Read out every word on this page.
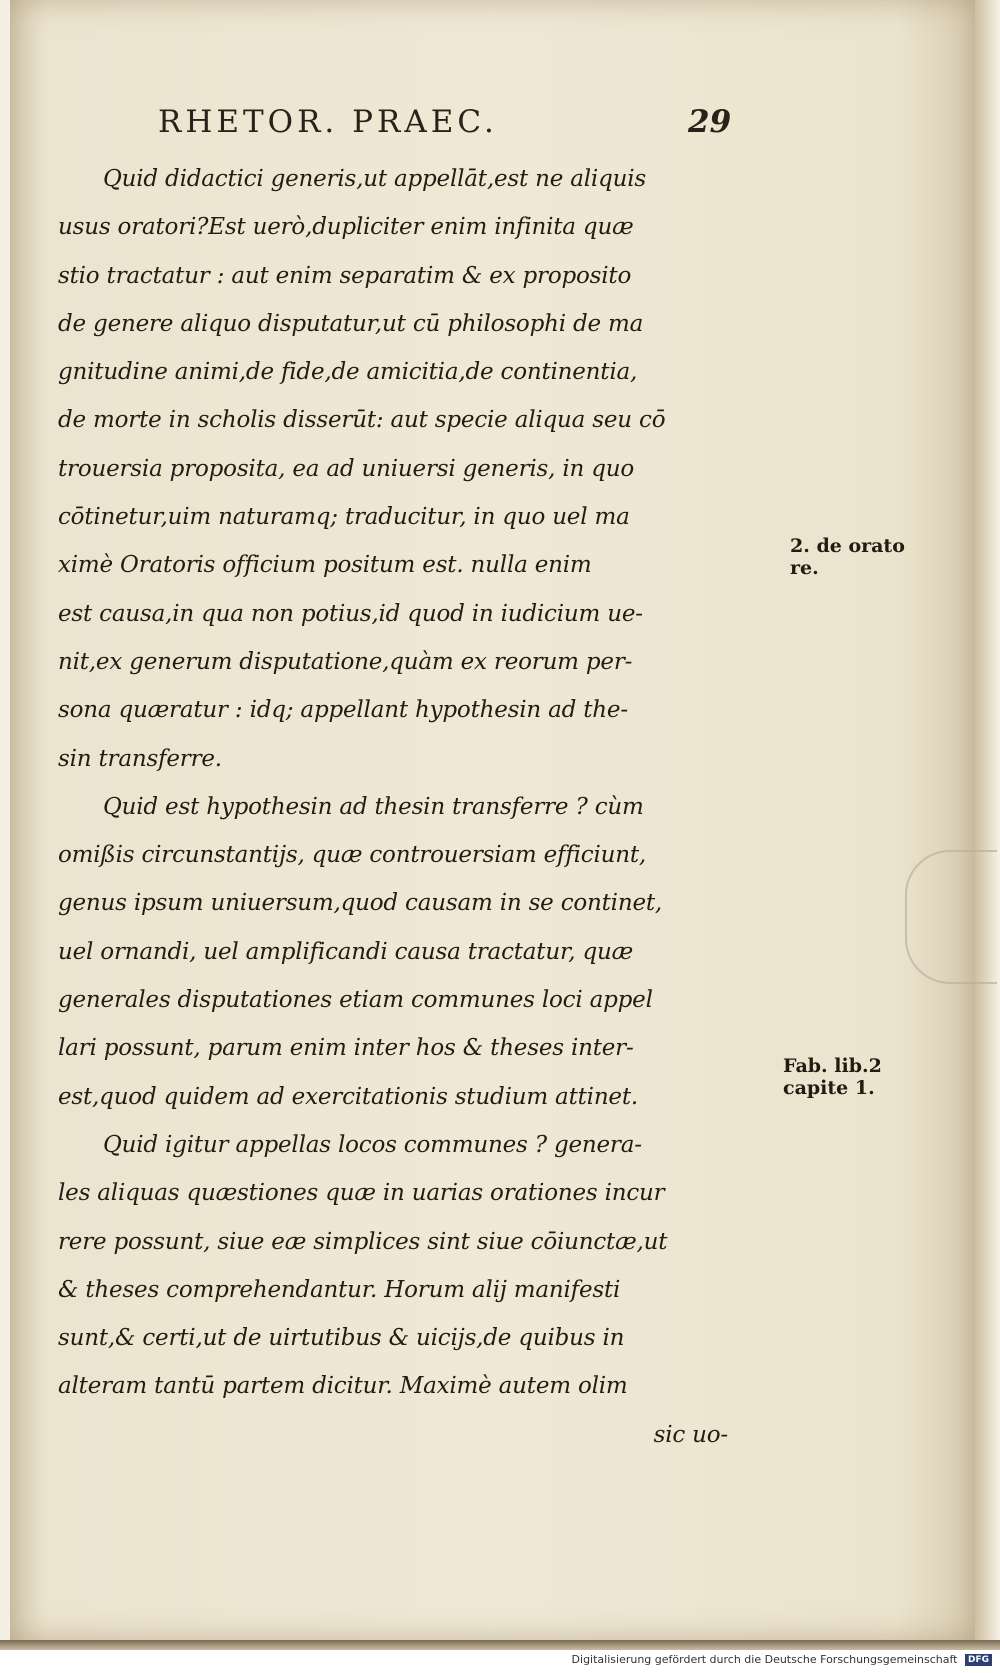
RHETOR. PRAEC.	29
Quid didactici generis,ut appellāt,est ne aliquis
usus oratori?Est uerò,dupliciter enim infinita quæ
stio tractatur : aut enim separatim & ex proposito
de genere aliquo disputatur,ut cū philosophi de ma
gnitudine animi,de fide,de amicitia,de continentia,
de morte in scholis disserūt: aut specie aliqua seu cō
trouersia proposita, ea ad uniuersi generis, in quo
cōtinetur,uim naturamq; traducitur, in quo uel ma
ximè Oratoris officium positum est. nulla enim
est causa,in qua non potius,id quod in iudicium ue-
nit,ex generum disputatione,quàm ex reorum per-
sona quæratur : idq; appellant hypothesin ad the-
sin transferre.
Quid est hypothesin ad thesin transferre ? cùm
omißis circunstantijs, quæ controuersiam efficiunt,
genus ipsum uniuersum,quod causam in se continet,
uel ornandi, uel amplificandi causa tractatur, quæ
generales disputationes etiam communes loci appel
lari possunt, parum enim inter hos & theses inter-
est,quod quidem ad exercitationis studium attinet.
Quid igitur appellas locos communes ? genera-
les aliquas quæstiones quæ in uarias orationes incur
rere possunt, siue eæ simplices sint siue cōiunctæ,ut
& theses comprehendantur. Horum alij manifesti
sunt,& certi,ut de uirtutibus & uicijs,de quibus in
alteram tantū partem dicitur. Maximè autem olim
sic uo-
2. de orato
re.
Fab. lib.2
capite 1.
Digitalisierung gefördert durch die Deutsche Forschungsgemeinschaft DFG
